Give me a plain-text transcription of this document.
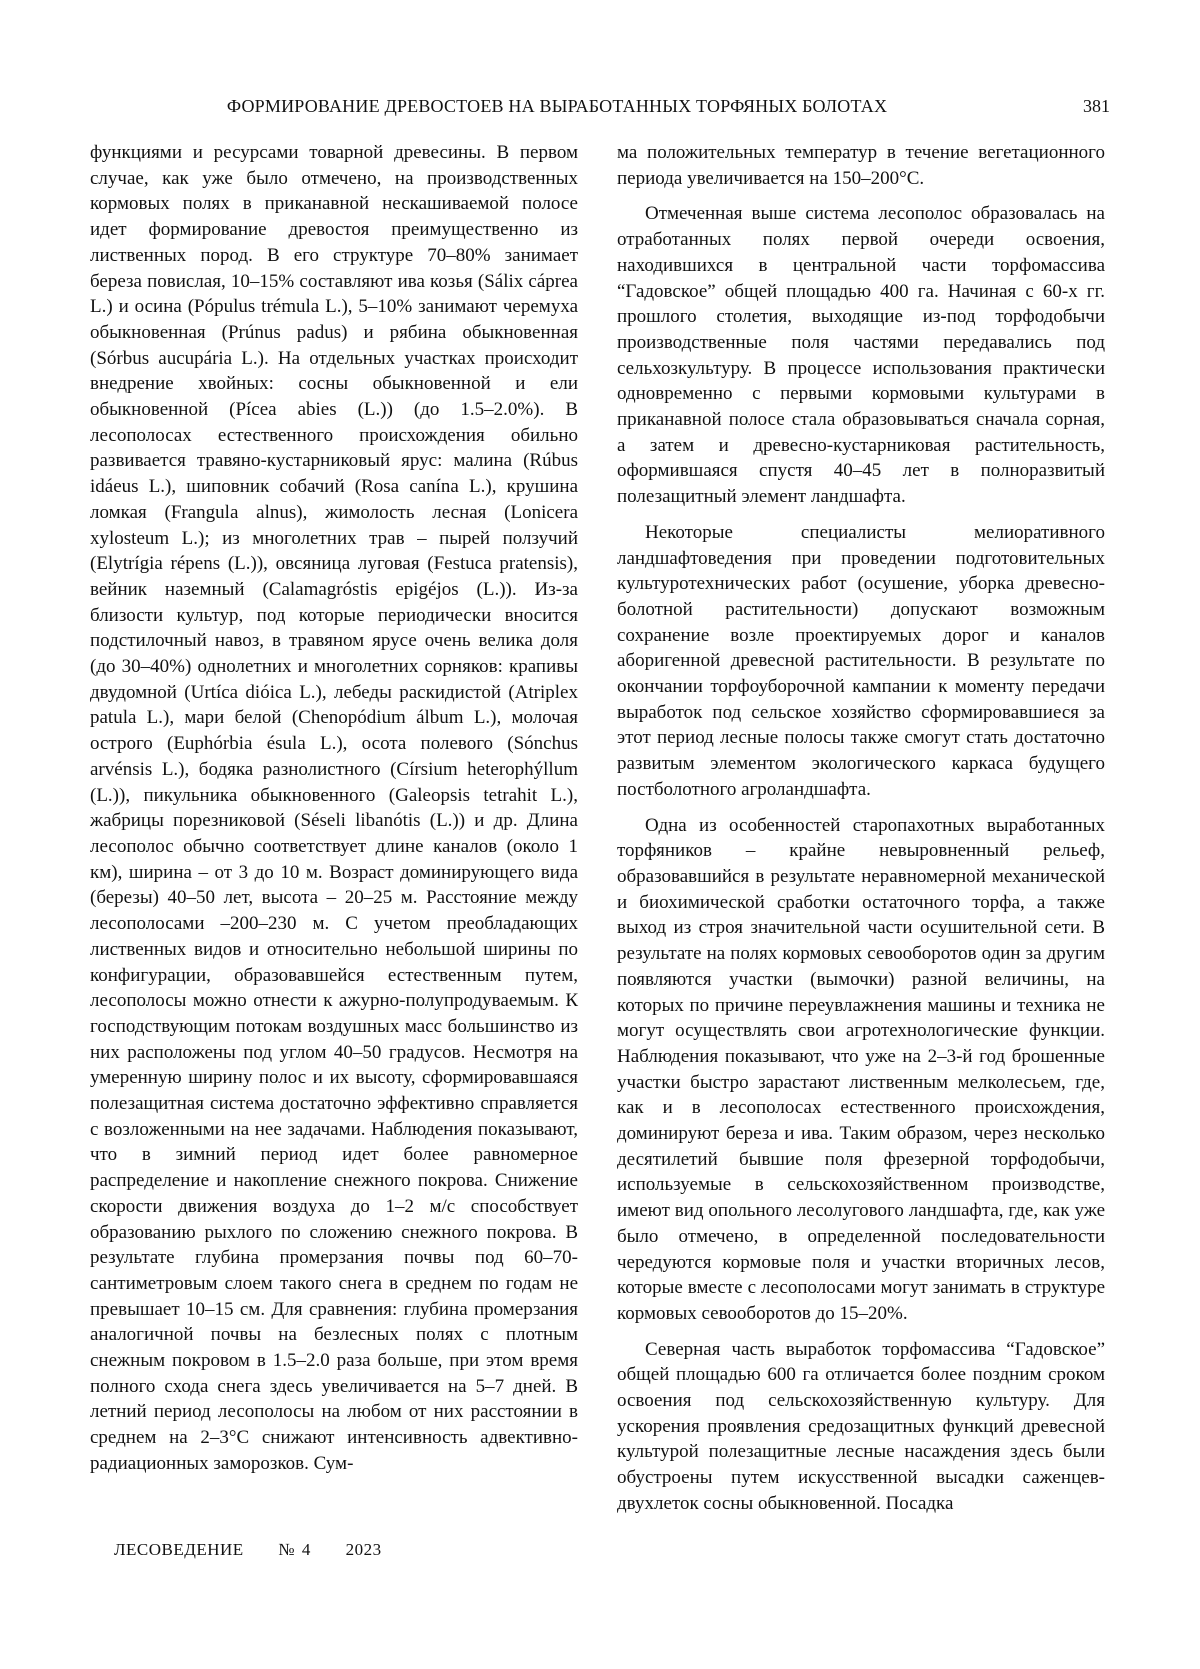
ФОРМИРОВАНИЕ ДРЕВОСТОЕВ НА ВЫРАБОТАННЫХ ТОРФЯНЫХ БОЛОТАХ	381

функциями и ресурсами товарной древесины. В первом случае, как уже было отмечено, на производственных кормовых полях в приканавной нескашиваемой полосе идет формирование древостоя преимущественно из лиственных пород. В его структуре 70–80% занимает береза повислая, 10–15% составляют ива козья (Sálix cáprea L.) и осина (Pópulus trémula L.), 5–10% занимают черемуха обыкновенная (Prúnus padus) и рябина обыкновенная (Sórbus aucupária L.). На отдельных участках происходит внедрение хвойных: сосны обыкновенной и ели обыкновенной (Pícea abies (L.)) (до 1.5–2.0%). В лесополосах естественного происхождения обильно развивается травяно-кустарниковый ярус: малина (Rúbus idáeus L.), шиповник собачий (Rosa canína L.), крушина ломкая (Frangula alnus), жимолость лесная (Lonicera xylosteum L.); из многолетних трав – пырей ползучий (Elytrígia répens (L.)), овсяница луговая (Festuca pratensis), вейник наземный (Calamagróstis epigéjos (L.)). Из-за близости культур, под которые периодически вносится подстилочный навоз, в травяном ярусе очень велика доля (до 30–40%) однолетних и многолетних сорняков: крапивы двудомной (Urtíca dióica L.), лебеды раскидистой (Atriplex patula L.), мари белой (Chenopódium álbum L.), молочая острого (Euphórbia ésula L.), осота полевого (Sónchus arvénsis L.), бодяка разнолистного (Círsium heterophýllum (L.)), пикульника обыкновенного (Galeopsis tetrahit L.), жабрицы порезниковой (Séseli libanótis (L.)) и др. Длина лесополос обычно соответствует длине каналов (около 1 км), ширина – от 3 до 10 м. Возраст доминирующего вида (березы) 40–50 лет, высота – 20–25 м. Расстояние между лесополосами –200–230 м. С учетом преобладающих лиственных видов и относительно небольшой ширины по конфигурации, образовавшейся естественным путем, лесополосы можно отнести к ажурно-полупродуваемым. К господствующим потокам воздушных масс большинство из них расположены под углом 40–50 градусов. Несмотря на умеренную ширину полос и их высоту, сформировавшаяся полезащитная система достаточно эффективно справляется с возложенными на нее задачами. Наблюдения показывают, что в зимний период идет более равномерное распределение и накопление снежного покрова. Снижение скорости движения воздуха до 1–2 м/с способствует образованию рыхлого по сложению снежного покрова. В результате глубина промерзания почвы под 60–70-сантиметровым слоем такого снега в среднем по годам не превышает 10–15 см. Для сравнения: глубина промерзания аналогичной почвы на безлесных полях с плотным снежным покровом в 1.5–2.0 раза больше, при этом время полного схода снега здесь увеличивается на 5–7 дней. В летний период лесополосы на любом от них расстоянии в среднем на 2–3°С снижают интенсивность адвективно-радиационных заморозков. Сум-

ма положительных температур в течение вегетационного периода увеличивается на 150–200°С.

Отмеченная выше система лесополос образовалась на отработанных полях первой очереди освоения, находившихся в центральной части торфомассива “Гадовское” общей площадью 400 га. Начиная с 60-х гг. прошлого столетия, выходящие из-под торфодобычи производственные поля частями передавались под сельхозкультуру. В процессе использования практически одновременно с первыми кормовыми культурами в приканавной полосе стала образовываться сначала сорная, а затем и древесно-кустарниковая растительность, оформившаяся спустя 40–45 лет в полноразвитый полезащитный элемент ландшафта.

Некоторые специалисты мелиоративного ландшафтоведения при проведении подготовительных культуротехнических работ (осушение, уборка древесно-болотной растительности) допускают возможным сохранение возле проектируемых дорог и каналов аборигенной древесной растительности. В результате по окончании торфоуборочной кампании к моменту передачи выработок под сельское хозяйство сформировавшиеся за этот период лесные полосы также смогут стать достаточно развитым элементом экологического каркаса будущего постболотного агроландшафта.

Одна из особенностей старопахотных выработанных торфяников – крайне невыровненный рельеф, образовавшийся в результате неравномерной механической и биохимической сработки остаточного торфа, а также выход из строя значительной части осушительной сети. В результате на полях кормовых севооборотов один за другим появляются участки (вымочки) разной величины, на которых по причине переувлажнения машины и техника не могут осуществлять свои агротехнологические функции. Наблюдения показывают, что уже на 2–3-й год брошенные участки быстро зарастают лиственным мелколесьем, где, как и в лесополосах естественного происхождения, доминируют береза и ива. Таким образом, через несколько десятилетий бывшие поля фрезерной торфодобычи, используемые в сельскохозяйственном производстве, имеют вид опольного лесолугового ландшафта, где, как уже было отмечено, в определенной последовательности чередуются кормовые поля и участки вторичных лесов, которые вместе с лесополосами могут занимать в структуре кормовых севооборотов до 15–20%.

Северная часть выработок торфомассива “Гадовское” общей площадью 600 га отличается более поздним сроком освоения под сельскохозяйственную культуру. Для ускорения проявления средозащитных функций древесной культурой полезащитные лесные насаждения здесь были обустроены путем искусственной высадки саженцев-двухлеток сосны обыкновенной. Посадка

ЛЕСОВЕДЕНИЕ № 4 2023
